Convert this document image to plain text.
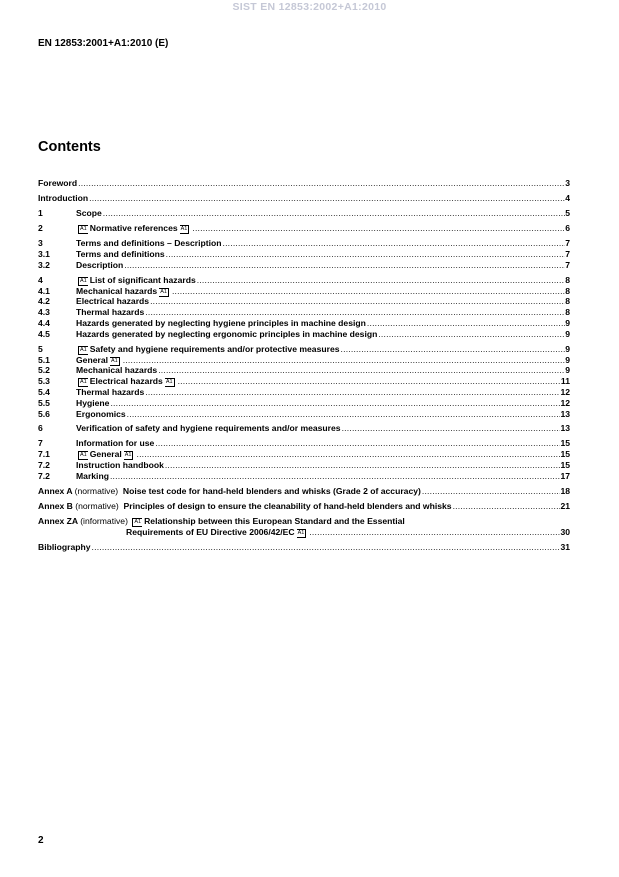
SIST EN 12853:2002+A1:2010
EN 12853:2001+A1:2010 (E)
Contents
Foreword .....	3
Introduction .....	4
1	Scope .....	5
2	A1 Normative references A1 .....	6
3	Terms and definitions – Description .....	7
3.1	Terms and definitions .....	7
3.2	Description .....	7
4	A1 List of significant hazards .....	8
4.1	Mechanical hazards A1 .....	8
4.2	Electrical hazards .....	8
4.3	Thermal hazards .....	8
4.4	Hazards generated by neglecting hygiene principles in machine design .....	9
4.5	Hazards generated by neglecting ergonomic principles in machine design .....	9
5	A1 Safety and hygiene requirements and/or protective measures .....	9
5.1	General A1 .....	9
5.2	Mechanical hazards .....	9
5.3	A1 Electrical hazards A1 .....	11
5.4	Thermal hazards .....	12
5.5	Hygiene .....	12
5.6	Ergonomics .....	13
6	Verification of safety and hygiene requirements and/or measures .....	13
7	Information for use .....	15
7.1	A1 General A1 .....	15
7.2	Instruction handbook .....	15
7.2	Marking .....	17
Annex A (normative) Noise test code for hand-held blenders and whisks (Grade 2 of accuracy) .....	18
Annex B (normative) Principles of design to ensure the cleanability of hand-held blenders and whisks .....	21
Annex ZA (informative) A1 Relationship between this European Standard and the Essential
Requirements of EU Directive 2006/42/EC A1 .....	30
Bibliography .....	31
2
